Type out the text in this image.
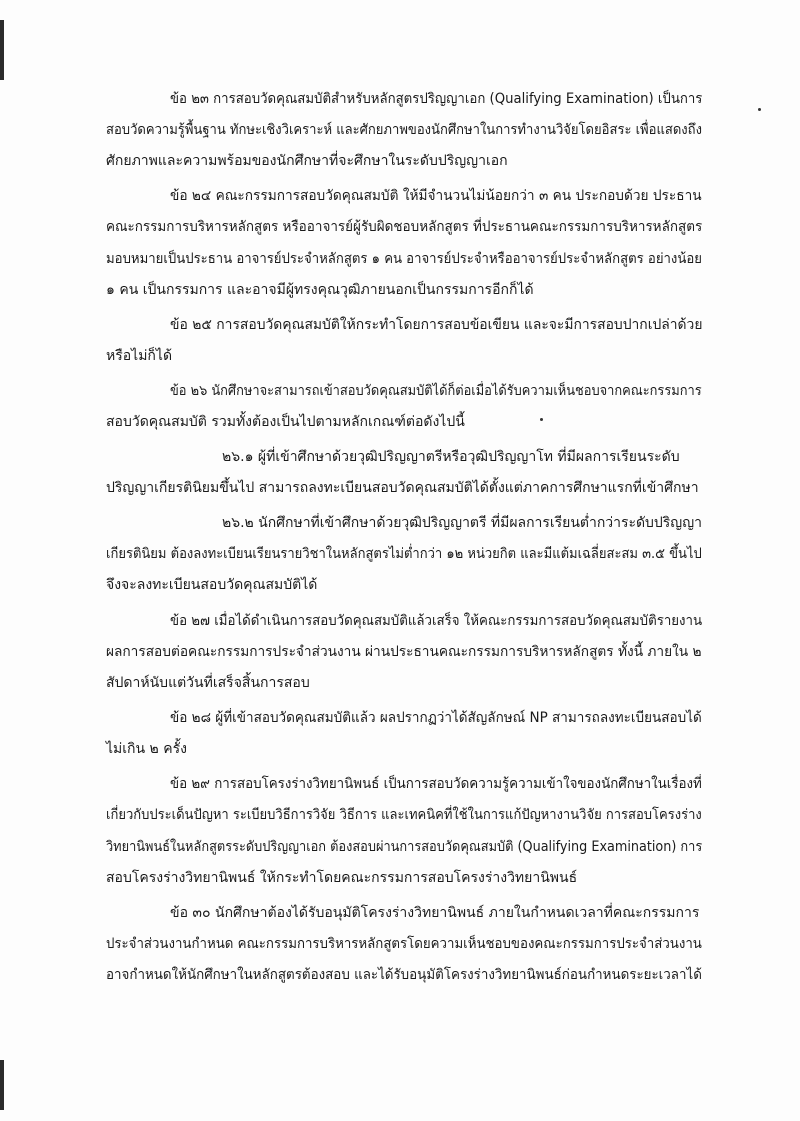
ข้อ ๒๓ การสอบวัดคุณสมบัติสำหรับหลักสูตรปริญญาเอก (Qualifying Examination) เป็นการ
สอบวัดความรู้พื้นฐาน ทักษะเชิงวิเคราะห์ และศักยภาพของนักศึกษาในการทำงานวิจัยโดยอิสระ เพื่อแสดงถึง
ศักยภาพและความพร้อมของนักศึกษาที่จะศึกษาในระดับปริญญาเอก
ข้อ ๒๔ คณะกรรมการสอบวัดคุณสมบัติ ให้มีจำนวนไม่น้อยกว่า ๓ คน ประกอบด้วย ประธาน
คณะกรรมการบริหารหลักสูตร หรืออาจารย์ผู้รับผิดชอบหลักสูตร ที่ประธานคณะกรรมการบริหารหลักสูตร
มอบหมายเป็นประธาน อาจารย์ประจำหลักสูตร ๑ คน อาจารย์ประจำหรืออาจารย์ประจำหลักสูตร อย่างน้อย
๑ คน เป็นกรรมการ และอาจมีผู้ทรงคุณวุฒิภายนอกเป็นกรรมการอีกก็ได้
ข้อ ๒๕ การสอบวัดคุณสมบัติให้กระทำโดยการสอบข้อเขียน และจะมีการสอบปากเปล่าด้วย
หรือไม่ก็ได้
ข้อ ๒๖ นักศึกษาจะสามารถเข้าสอบวัดคุณสมบัติได้ก็ต่อเมื่อได้รับความเห็นชอบจากคณะกรรมการ
สอบวัดคุณสมบัติ รวมทั้งต้องเป็นไปตามหลักเกณฑ์ต่อดังไปนี้
๒๖.๑ ผู้ที่เข้าศึกษาด้วยวุฒิปริญญาตรีหรือวุฒิปริญญาโท ที่มีผลการเรียนระดับ
ปริญญาเกียรตินิยมขึ้นไป สามารถลงทะเบียนสอบวัดคุณสมบัติได้ตั้งแต่ภาคการศึกษาแรกที่เข้าศึกษา
๒๖.๒ นักศึกษาที่เข้าศึกษาด้วยวุฒิปริญญาตรี ที่มีผลการเรียนต่ำกว่าระดับปริญญา
เกียรตินิยม ต้องลงทะเบียนเรียนรายวิชาในหลักสูตรไม่ต่ำกว่า ๑๒ หน่วยกิต และมีแต้มเฉลี่ยสะสม ๓.๕ ขึ้นไป
จึงจะลงทะเบียนสอบวัดคุณสมบัติได้
ข้อ ๒๗ เมื่อได้ดำเนินการสอบวัดคุณสมบัติแล้วเสร็จ ให้คณะกรรมการสอบวัดคุณสมบัติรายงาน
ผลการสอบต่อคณะกรรมการประจำส่วนงาน ผ่านประธานคณะกรรมการบริหารหลักสูตร ทั้งนี้ ภายใน ๒
สัปดาห์นับแต่วันที่เสร็จสิ้นการสอบ
ข้อ ๒๘ ผู้ที่เข้าสอบวัดคุณสมบัติแล้ว ผลปรากฏว่าได้สัญลักษณ์ NP สามารถลงทะเบียนสอบได้
ไม่เกิน ๒ ครั้ง
ข้อ ๒๙ การสอบโครงร่างวิทยานิพนธ์ เป็นการสอบวัดความรู้ความเข้าใจของนักศึกษาในเรื่องที่
เกี่ยวกับประเด็นปัญหา ระเบียบวิธีการวิจัย วิธีการ และเทคนิคที่ใช้ในการแก้ปัญหางานวิจัย การสอบโครงร่าง
วิทยานิพนธ์ในหลักสูตรระดับปริญญาเอก ต้องสอบผ่านการสอบวัดคุณสมบัติ (Qualifying Examination) การ
สอบโครงร่างวิทยานิพนธ์ ให้กระทำโดยคณะกรรมการสอบโครงร่างวิทยานิพนธ์
ข้อ ๓๐ นักศึกษาต้องได้รับอนุมัติโครงร่างวิทยานิพนธ์ ภายในกำหนดเวลาที่คณะกรรมการ
ประจำส่วนงานกำหนด คณะกรรมการบริหารหลักสูตรโดยความเห็นชอบของคณะกรรมการประจำส่วนงาน
อาจกำหนดให้นักศึกษาในหลักสูตรต้องสอบ และได้รับอนุมัติโครงร่างวิทยานิพนธ์ก่อนกำหนดระยะเวลาได้
